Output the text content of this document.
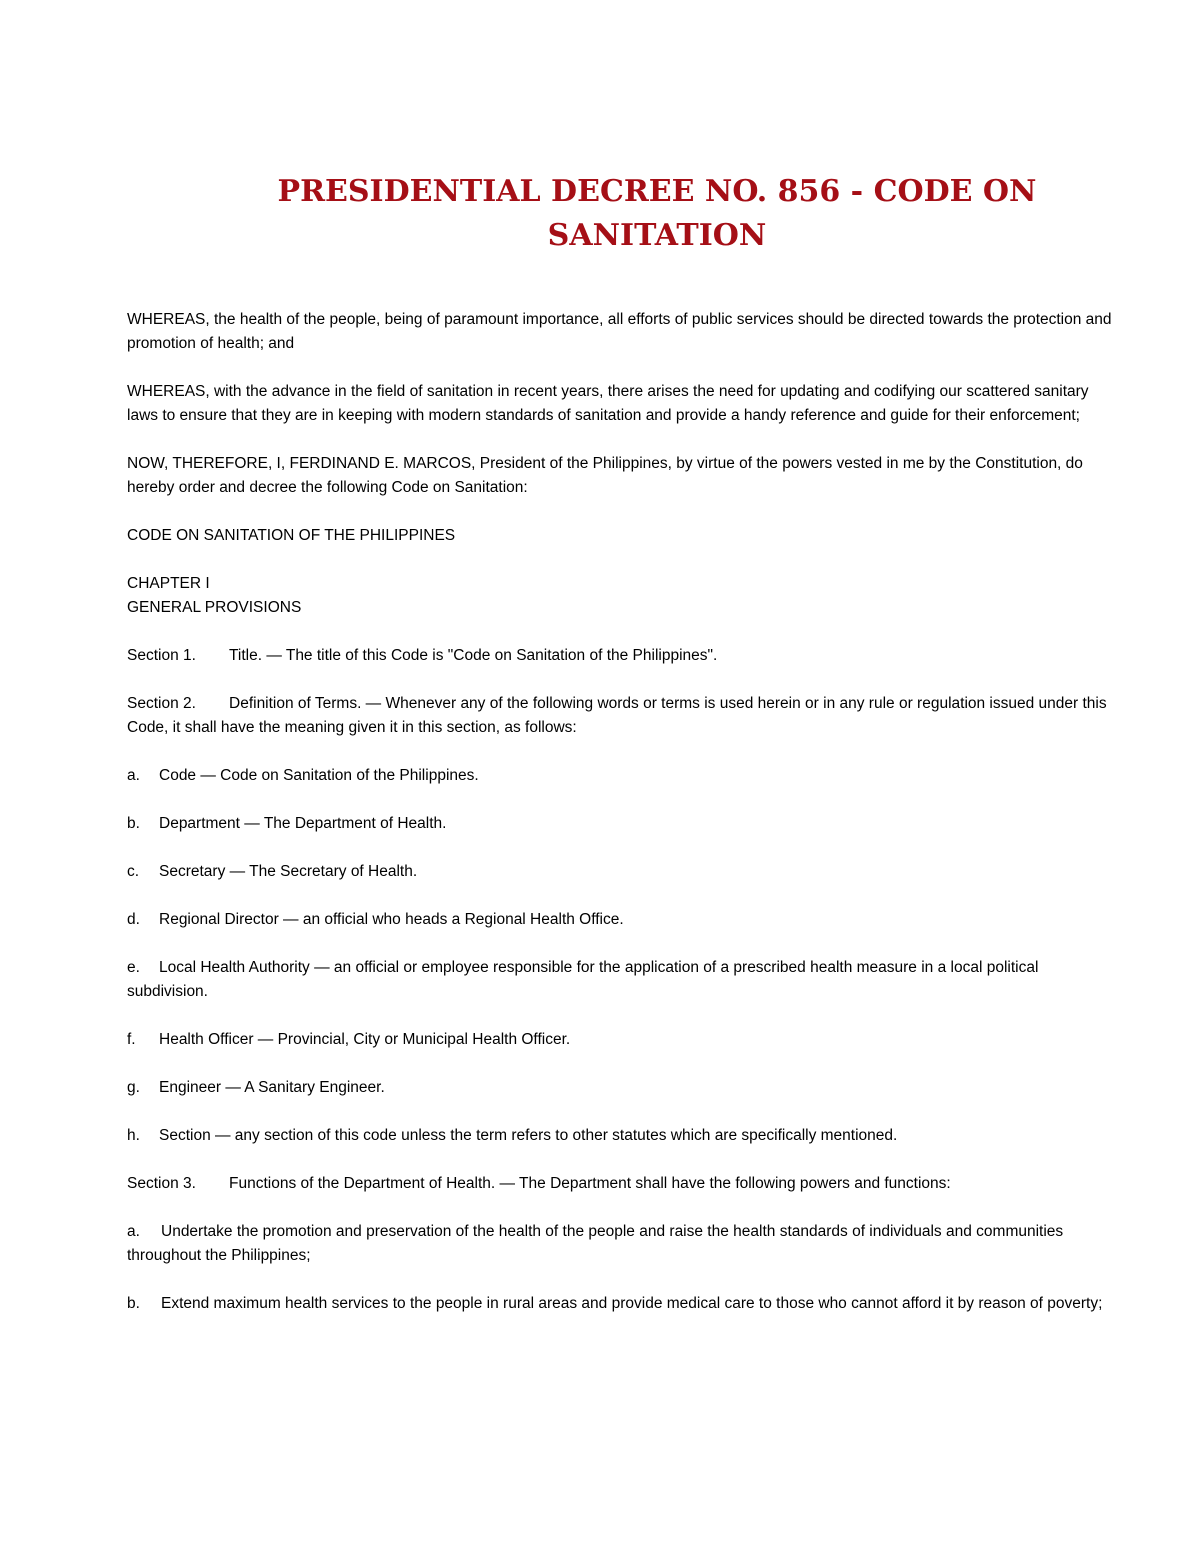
PRESIDENTIAL DECREE NO. 856 - CODE ON SANITATION

WHEREAS, the health of the people, being of paramount importance, all efforts of public services should be directed towards the protection and promotion of health; and

WHEREAS, with the advance in the field of sanitation in recent years, there arises the need for updating and codifying our scattered sanitary laws to ensure that they are in keeping with modern standards of sanitation and provide a handy reference and guide for their enforcement;

NOW, THEREFORE, I, FERDINAND E. MARCOS, President of the Philippines, by virtue of the powers vested in me by the Constitution, do hereby order and decree the following Code on Sanitation:

CODE ON SANITATION OF THE PHILIPPINES

CHAPTER I

GENERAL PROVISIONS

Section 1. Title. — The title of this Code is "Code on Sanitation of the Philippines".

Section 2. Definition of Terms. — Whenever any of the following words or terms is used herein or in any rule or regulation issued under this Code, it shall have the meaning given it in this section, as follows:

a. Code — Code on Sanitation of the Philippines.

b. Department — The Department of Health.

c. Secretary — The Secretary of Health.

d. Regional Director — an official who heads a Regional Health Office.

e. Local Health Authority — an official or employee responsible for the application of a prescribed health measure in a local political subdivision.

f. Health Officer — Provincial, City or Municipal Health Officer.

g. Engineer — A Sanitary Engineer.

h. Section — any section of this code unless the term refers to other statutes which are specifically mentioned.

Section 3. Functions of the Department of Health. — The Department shall have the following powers and functions:

a. Undertake the promotion and preservation of the health of the people and raise the health standards of individuals and communities throughout the Philippines;

b. Extend maximum health services to the people in rural areas and provide medical care to those who cannot afford it by reason of poverty;
